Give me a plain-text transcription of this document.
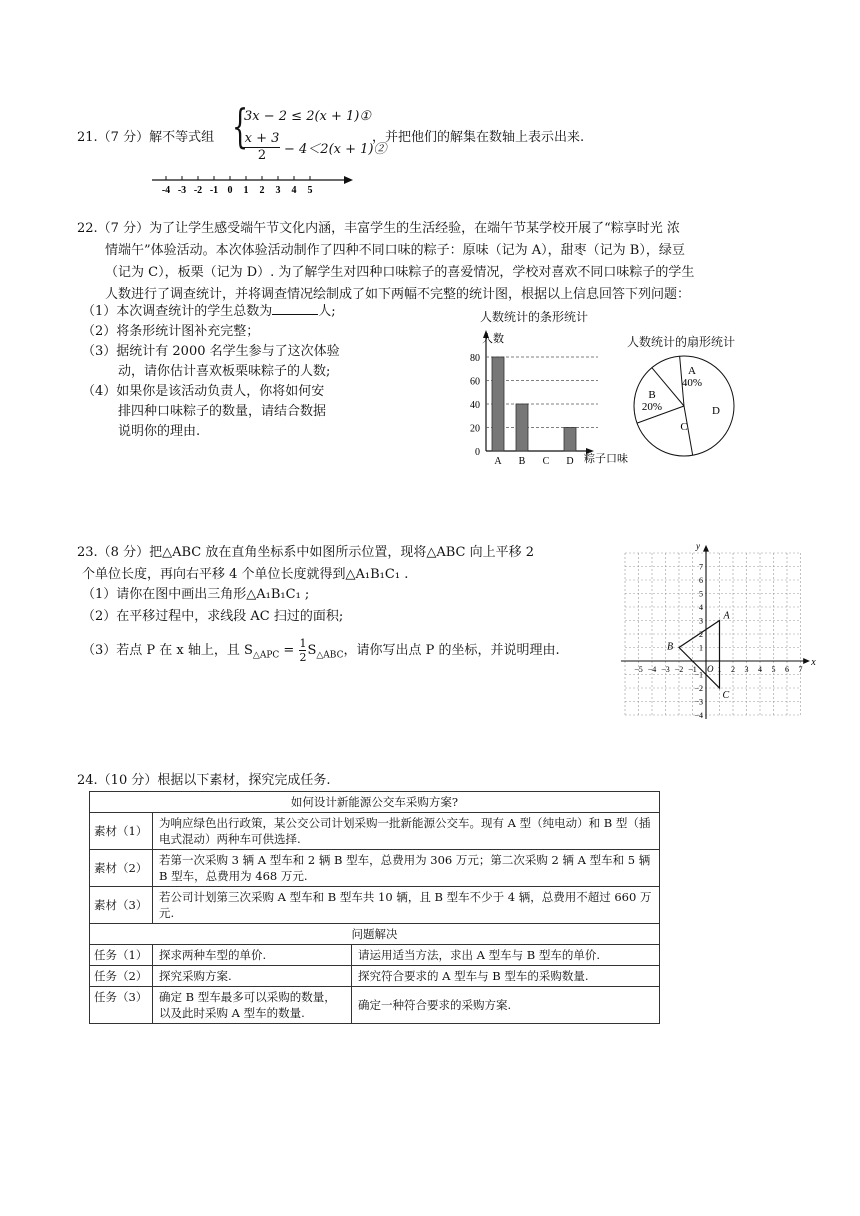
21.（7 分）解不等式组 {
3x − 2 ≤ 2(x + 1)①
$\frac{x + 3}{2} - 4<2(x$ + 1)②
，并把他们的解集在数轴上表示出来.
-4 -3 -2 -1 0 1 2 3 4 5
22.（7 分）为了让学生感受端午节文化内涵，丰富学生的生活经验，在端午节某学校开展了“粽享时光 浓
情端午”体验活动。本次体验活动制作了四种不同口味的粽子：原味（记为 A），甜枣（记为 B），绿豆
（记为 C），板栗（记为 D）. 为了解学生对四种口味粽子的喜爱情况，学校对喜欢不同口味粽子的学生
人数进行了调查统计，并将调查情况绘制成了如下两幅不完整的统计图，根据以上信息回答下列问题：
（1）本次调查统计的学生总数为	人;
（2）将条形统计图补充完整；
（3）据统计有 2000 名学生参与了这次体验
动，请你估计喜欢板栗味粽子的人数;
（4）如果你是该活动负责人，你将如何安
排四种口味粽子的数量，请结合数据
说明你的理由.
人数统计的条形统计
人数
粽子口味
0
20
40
60
80
A B C D
人数统计的扇形统计
A
40%
B
20%
C
D
23.（8 分）把△ABC 放在直角坐标系中如图所示位置，现将△ABC 向上平移 2
个单位长度，再向右平移 4 个单位长度就得到△A₁B₁C₁ .
（1）请你在图中画出三角形△A₁B₁C₁ ;
（2）在平移过程中，求线段 AC 扫过的面积;
（3）若点 P 在 x 轴上，且 $S_{\triangle APC} = \frac{1}{2} S_{\triangle ABC}$，请你写出点 P 的坐标，并说明理由.
x
y
O
−5 −4 −3 −2 −1	1 2 3 4 5 6 7
7
6
5
4
3
2
1
−1
−2
−3
−4
A
B
C
24.（10 分）根据以下素材，探究完成任务.
如何设计新能源公交车采购方案?		
素材（1）	为响应绿色出行政策，某公交公司计划采购一批新能源公交车。现有 A 型（纯电动）和 B 型（插电式混动）两种车可供选择.	
素材（2）	若第一次采购 3 辆 A 型车和 2 辆 B 型车，总费用为 306 万元；第二次采购 2 辆 A 型车和 5 辆 B 型车，总费用为 468 万元.	
素材（3）	若公司计划第三次采购 A 型车和 B 型车共 10 辆，且 B 型车不少于 4 辆，总费用不超过 660 万元.	
问题解决		
任务（1）	探求两种车型的单价.	请运用适当方法，求出 A 型车与 B 型车的单价.
任务（2）	探究采购方案.	探究符合要求的 A 型车与 B 型车的采购数量.
任务（3）	确定 B 型车最多可以采购的数量，以及此时采购 A 型车的数量.	确定一种符合要求的采购方案.
